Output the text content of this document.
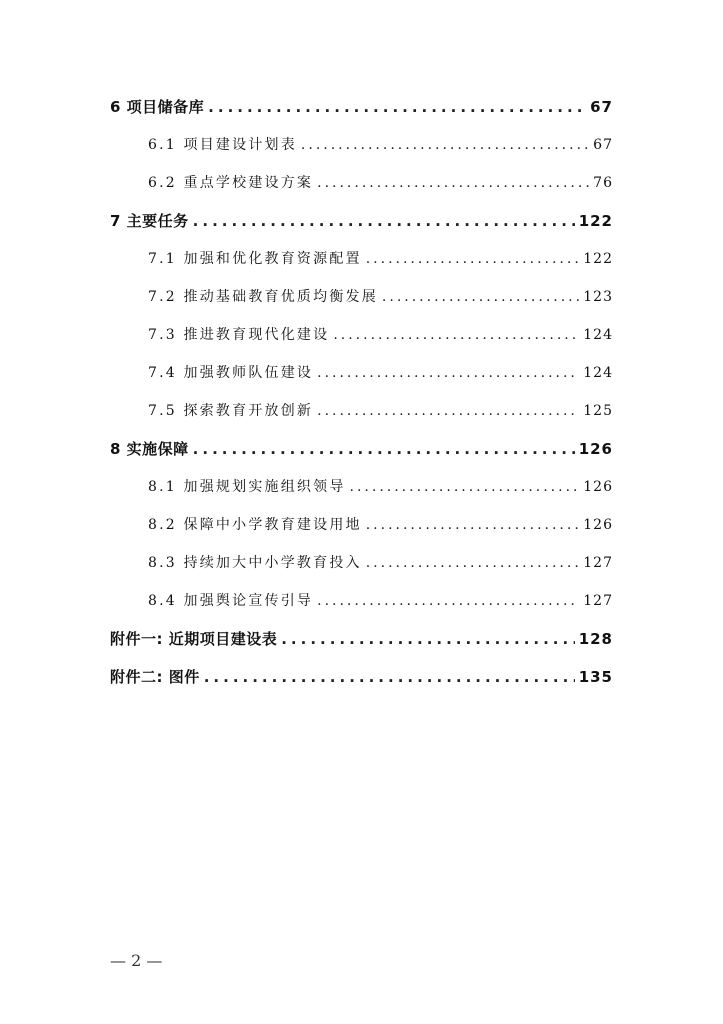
6 项目储备库 .....	67
6.1 项目建设计划表 .....	67
6.2 重点学校建设方案 .....	76
7 主要任务 .....	122
7.1 加强和优化教育资源配置 .....	122
7.2 推动基础教育优质均衡发展 .....	123
7.3 推进教育现代化建设 .....	124
7.4 加强教师队伍建设 .....	124
7.5 探索教育开放创新 .....	125
8 实施保障 .....	126
8.1 加强规划实施组织领导 .....	126
8.2 保障中小学教育建设用地 .....	126
8.3 持续加大中小学教育投入 .....	127
8.4 加强舆论宣传引导 .....	127
附件一: 近期项目建设表 .....	128
附件二: 图件 .....	135
— 2 —
